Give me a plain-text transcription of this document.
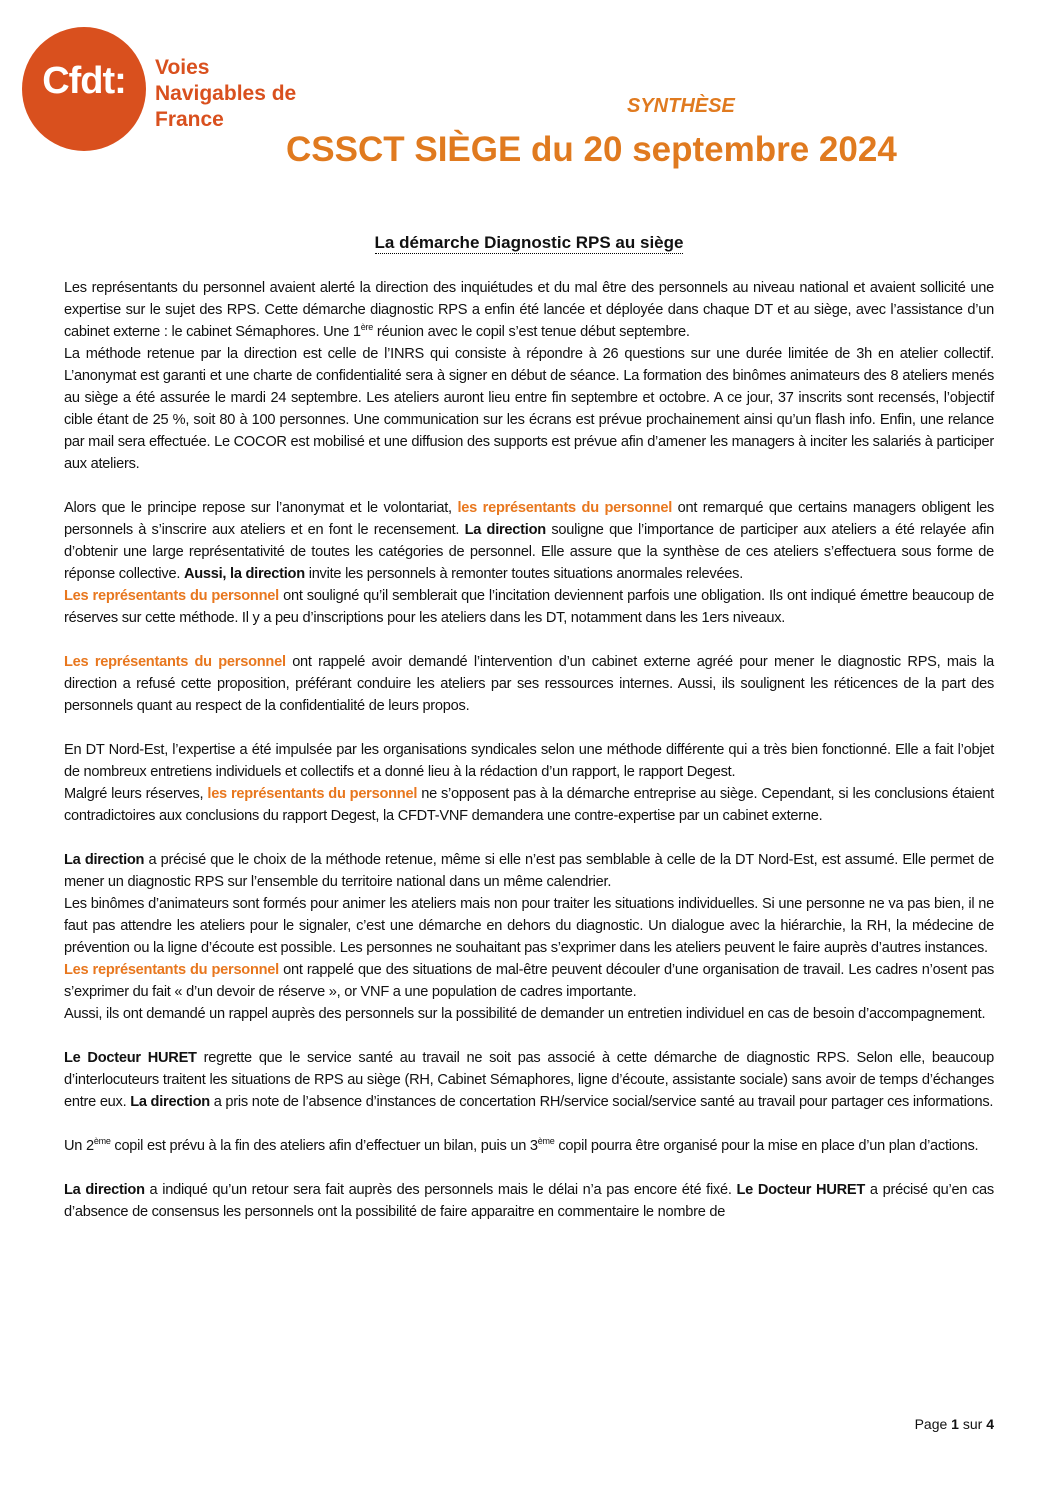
Cfdt:	Voies
Navigables de
France
SYNTHÈSE
CSSCT SIÈGE du 20 septembre 2024
La démarche Diagnostic RPS au siège

Les représentants du personnel avaient alerté la direction des inquiétudes et du mal être des personnels au niveau national et avaient sollicité une expertise sur le sujet des RPS. Cette démarche diagnostic RPS a enfin été lancée et déployée dans chaque DT et au siège, avec l’assistance d’un cabinet externe : le cabinet Sémaphores. Une 1ère réunion avec le copil s’est tenue début septembre.

La méthode retenue par la direction est celle de l’INRS qui consiste à répondre à 26 questions sur une durée limitée de 3h en atelier collectif. L’anonymat est garanti et une charte de confidentialité sera à signer en début de séance. La formation des binômes animateurs des 8 ateliers menés au siège a été assurée le mardi 24 septembre. Les ateliers auront lieu entre fin septembre et octobre. A ce jour, 37 inscrits sont recensés, l’objectif cible étant de 25 %, soit 80 à 100 personnes. Une communication sur les écrans est prévue prochainement ainsi qu’un flash info. Enfin, une relance par mail sera effectuée. Le COCOR est mobilisé et une diffusion des supports est prévue afin d’amener les managers à inciter les salariés à participer aux ateliers.

Alors que le principe repose sur l’anonymat et le volontariat, les représentants du personnel ont remarqué que certains managers obligent les personnels à s’inscrire aux ateliers et en font le recensement. La direction souligne que l’importance de participer aux ateliers a été relayée afin d’obtenir une large représentativité de toutes les catégories de personnel. Elle assure que la synthèse de ces ateliers s’effectuera sous forme de réponse collective. Aussi, la direction invite les personnels à remonter toutes situations anormales relevées.

Les représentants du personnel ont souligné qu’il semblerait que l’incitation deviennent parfois une obligation. Ils ont indiqué émettre beaucoup de réserves sur cette méthode. Il y a peu d’inscriptions pour les ateliers dans les DT, notamment dans les 1ers niveaux.

Les représentants du personnel ont rappelé avoir demandé l’intervention d’un cabinet externe agréé pour mener le diagnostic RPS, mais la direction a refusé cette proposition, préférant conduire les ateliers par ses ressources internes. Aussi, ils soulignent les réticences de la part des personnels quant au respect de la confidentialité de leurs propos.

En DT Nord-Est, l’expertise a été impulsée par les organisations syndicales selon une méthode différente qui a très bien fonctionné. Elle a fait l’objet de nombreux entretiens individuels et collectifs et a donné lieu à la rédaction d’un rapport, le rapport Degest.

Malgré leurs réserves, les représentants du personnel ne s’opposent pas à la démarche entreprise au siège. Cependant, si les conclusions étaient contradictoires aux conclusions du rapport Degest, la CFDT-VNF demandera une contre-expertise par un cabinet externe.

La direction a précisé que le choix de la méthode retenue, même si elle n’est pas semblable à celle de la DT Nord-Est, est assumé. Elle permet de mener un diagnostic RPS sur l’ensemble du territoire national dans un même calendrier.

Les binômes d’animateurs sont formés pour animer les ateliers mais non pour traiter les situations individuelles. Si une personne ne va pas bien, il ne faut pas attendre les ateliers pour le signaler, c’est une démarche en dehors du diagnostic. Un dialogue avec la hiérarchie, la RH, la médecine de prévention ou la ligne d’écoute est possible. Les personnes ne souhaitant pas s’exprimer dans les ateliers peuvent le faire auprès d’autres instances.

Les représentants du personnel ont rappelé que des situations de mal-être peuvent découler d’une organisation de travail. Les cadres n’osent pas s’exprimer du fait « d’un devoir de réserve », or VNF a une population de cadres importante.

Aussi, ils ont demandé un rappel auprès des personnels sur la possibilité de demander un entretien individuel en cas de besoin d’accompagnement.

Le Docteur HURET regrette que le service santé au travail ne soit pas associé à cette démarche de diagnostic RPS. Selon elle, beaucoup d’interlocuteurs traitent les situations de RPS au siège (RH, Cabinet Sémaphores, ligne d’écoute, assistante sociale) sans avoir de temps d’échanges entre eux. La direction a pris note de l’absence d’instances de concertation RH/service social/service santé au travail pour partager ces informations.

Un 2ème copil est prévu à la fin des ateliers afin d’effectuer un bilan, puis un 3ème copil pourra être organisé pour la mise en place d’un plan d’actions.

La direction a indiqué qu’un retour sera fait auprès des personnels mais le délai n’a pas encore été fixé. Le Docteur HURET a précisé qu’en cas d’absence de consensus les personnels ont la possibilité de faire apparaitre en commentaire le nombre de

Page 1 sur 4
